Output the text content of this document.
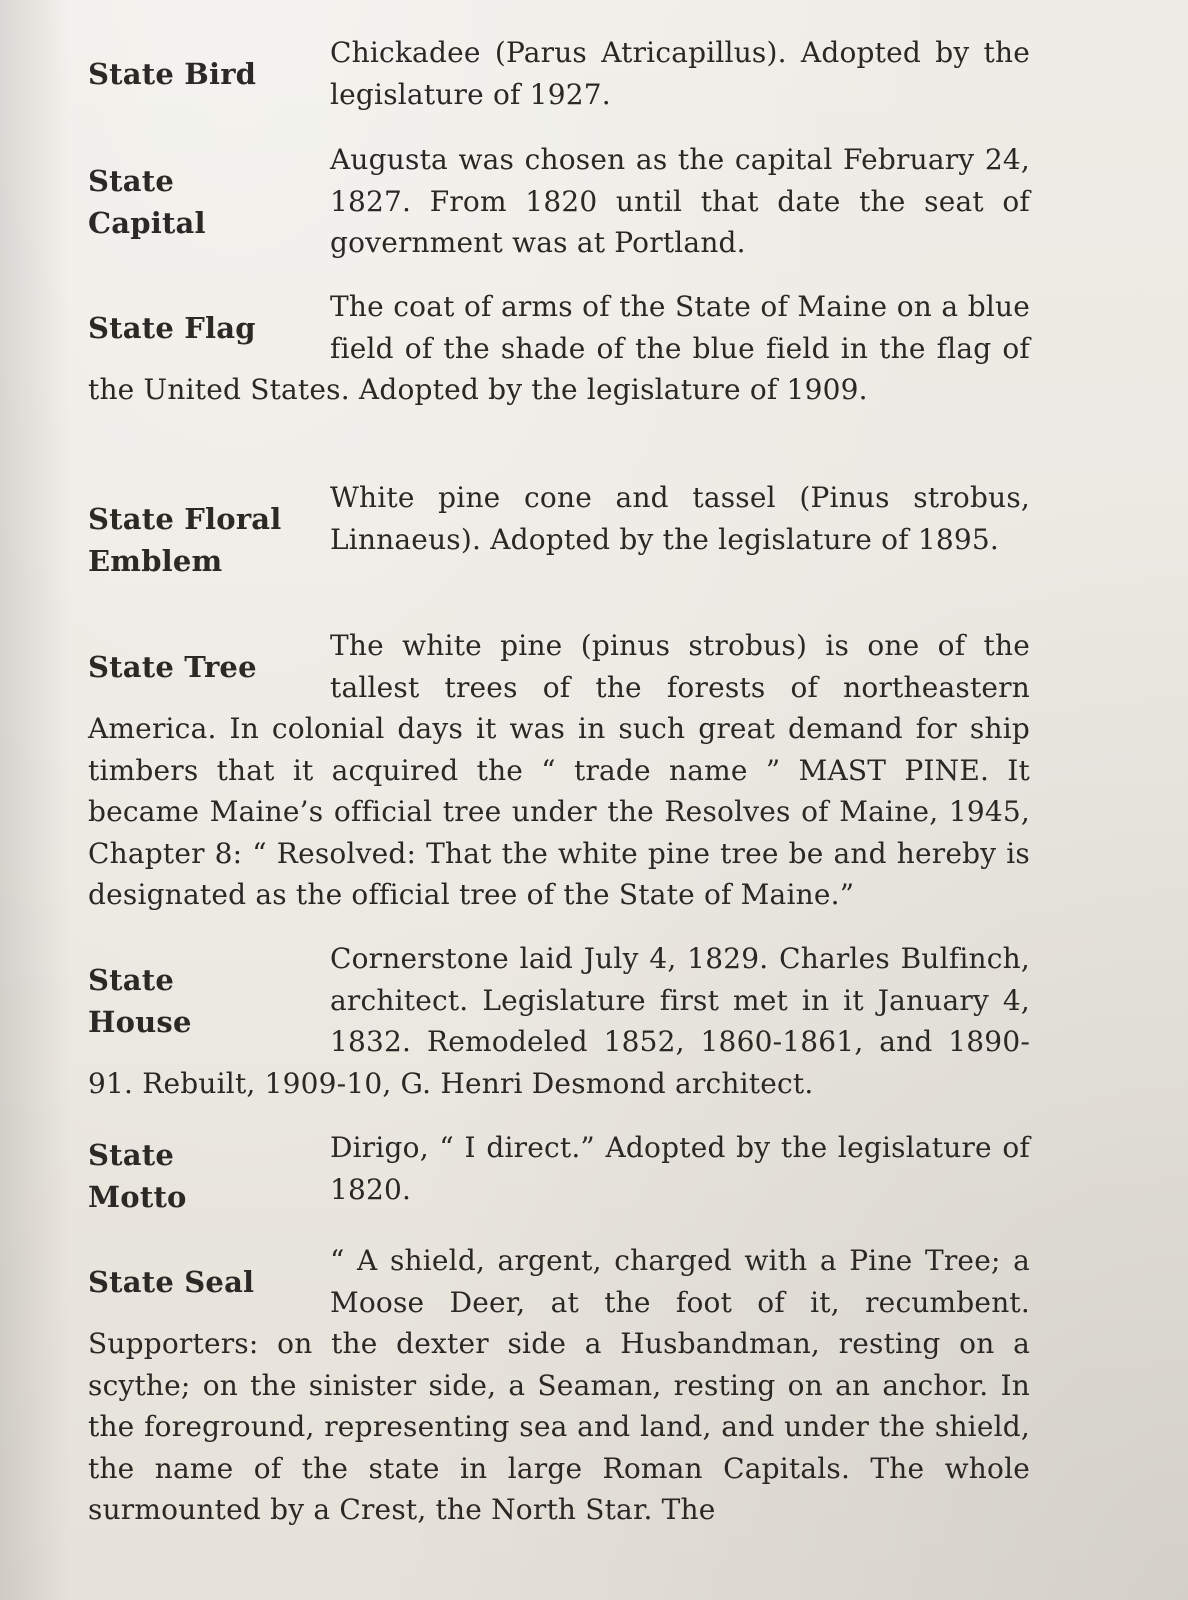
State Bird

Chickadee (Parus Atricapillus). Adopted by the legislature of 1927.

State
Capital

Augusta was chosen as the capital February 24, 1827. From 1820 until that date the seat of government was at Portland.

State Flag

The coat of arms of the State of Maine on a blue field of the shade of the blue field in the flag of the United States. Adopted by the legislature of 1909.

State Floral
Emblem

White pine cone and tassel (Pinus strobus, Linnaeus). Adopted by the legislature of 1895.

State Tree

The white pine (pinus strobus) is one of the tallest trees of the forests of northeastern America. In colonial days it was in such great demand for ship timbers that it acquired the “ trade name ” MAST PINE. It became Maine’s official tree under the Resolves of Maine, 1945, Chapter 8: “ Resolved: That the white pine tree be and hereby is designated as the official tree of the State of Maine.”

State
House

Cornerstone laid July 4, 1829. Charles Bulfinch, architect. Legislature first met in it January 4, 1832. Remodeled 1852, 1860-1861, and 1890-91. Rebuilt, 1909-10, G. Henri Desmond architect.

State
Motto

Dirigo, “ I direct.” Adopted by the legislature of 1820.

State Seal

“ A shield, argent, charged with a Pine Tree; a Moose Deer, at the foot of it, recumbent. Supporters: on the dexter side a Husbandman, resting on a scythe; on the sinister side, a Seaman, resting on an anchor. In the foreground, representing sea and land, and under the shield, the name of the state in large Roman Capitals. The whole surmounted by a Crest, the North Star. The
